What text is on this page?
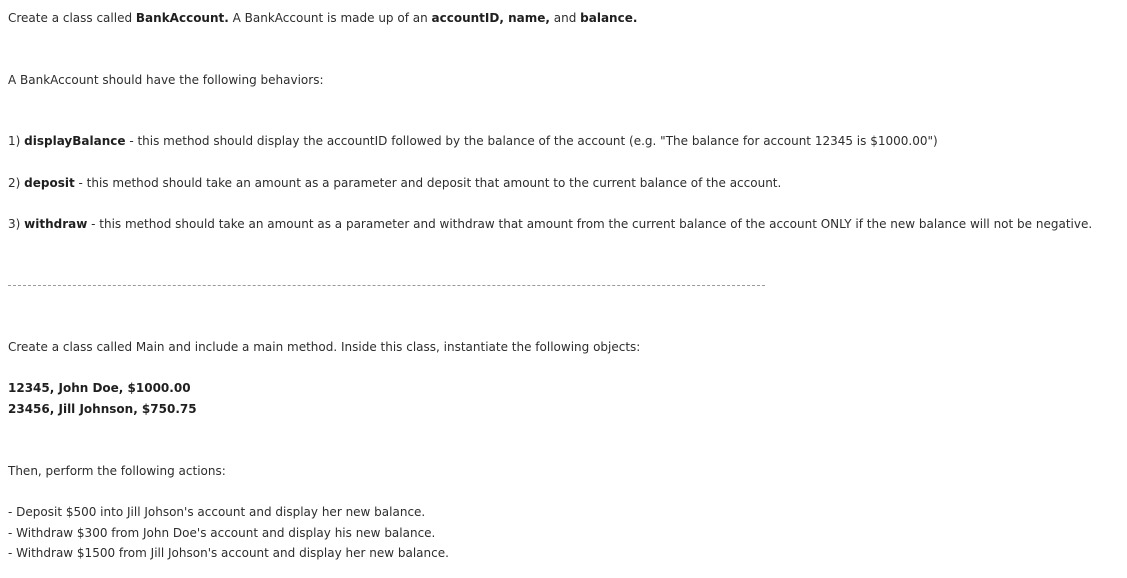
Create a class called BankAccount. A BankAccount is made up of an accountID, name, and balance.
A BankAccount should have the following behaviors:
1) displayBalance - this method should display the accountID followed by the balance of the account (e.g. "The balance for account 12345 is $1000.00")
2) deposit - this method should take an amount as a parameter and deposit that amount to the current balance of the account.
3) withdraw - this method should take an amount as a parameter and withdraw that amount from the current balance of the account ONLY if the new balance will not be negative.
Create a class called Main and include a main method. Inside this class, instantiate the following objects:
12345, John Doe, $1000.00
23456, Jill Johnson, $750.75
Then, perform the following actions:
- Deposit $500 into Jill Johson's account and display her new balance.
- Withdraw $300 from John Doe's account and display his new balance.
- Withdraw $1500 from Jill Johson's account and display her new balance.
